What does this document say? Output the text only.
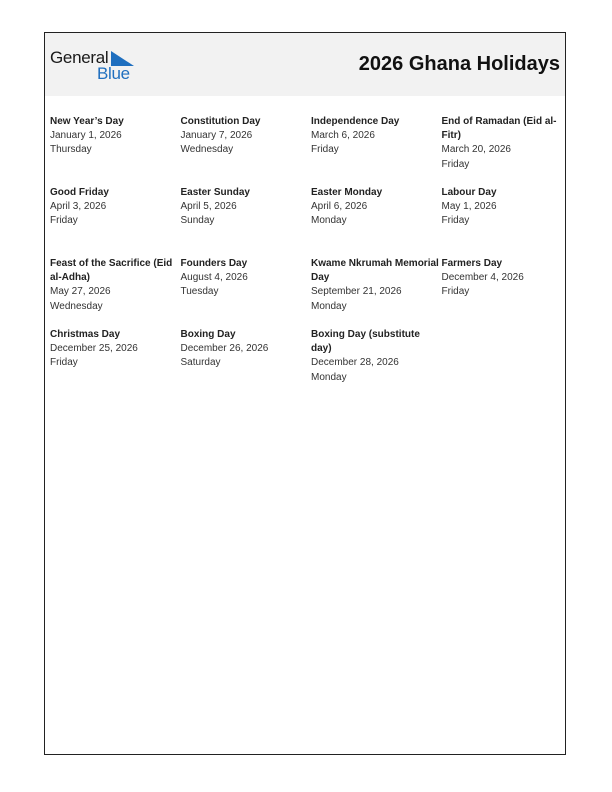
General
Blue	2026 Ghana Holidays
New Year’s Day
January 1, 2026
Thursday
Constitution Day
January 7, 2026
Wednesday
Independence Day
March 6, 2026
Friday
End of Ramadan (Eid al-Fitr)
March 20, 2026
Friday
Good Friday
April 3, 2026
Friday
Easter Sunday
April 5, 2026
Sunday
Easter Monday
April 6, 2026
Monday
Labour Day
May 1, 2026
Friday
Feast of the Sacrifice (Eid al-Adha)
May 27, 2026
Wednesday
Founders Day
August 4, 2026
Tuesday
Kwame Nkrumah Memorial Day
September 21, 2026
Monday
Farmers Day
December 4, 2026
Friday
Christmas Day
December 25, 2026
Friday
Boxing Day
December 26, 2026
Saturday
Boxing Day (substitute day)
December 28, 2026
Monday
